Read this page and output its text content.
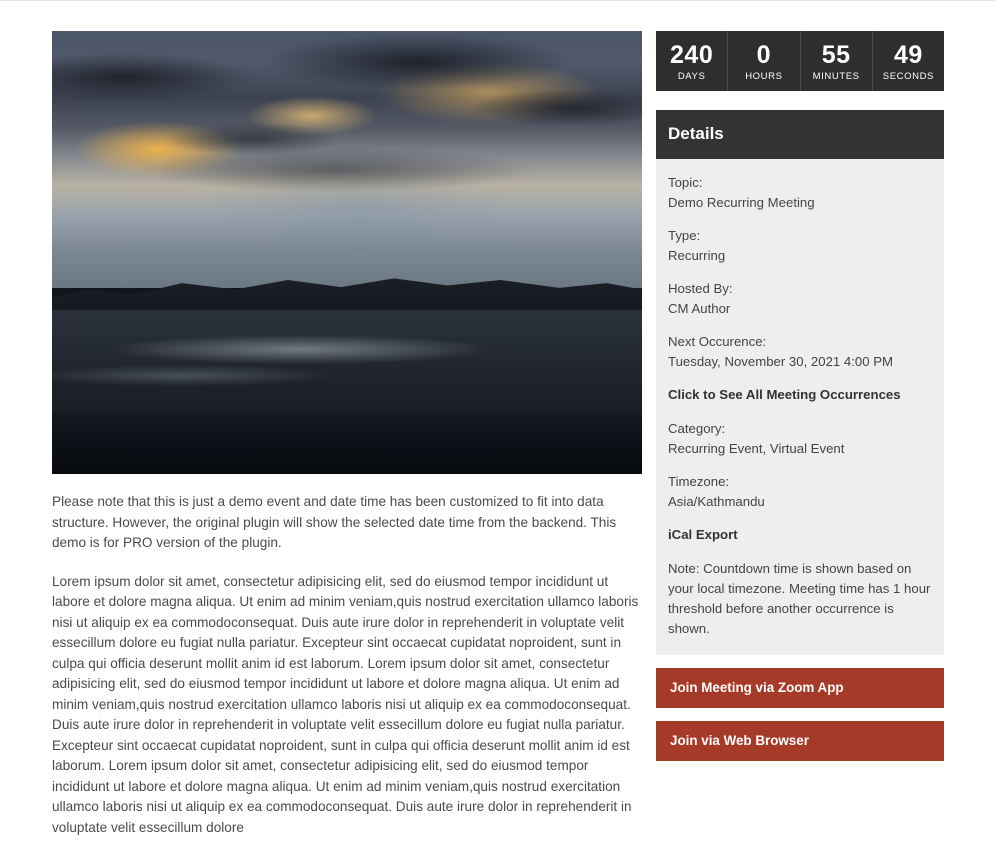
Please note that this is just a demo event and date time has been customized to fit into data structure. However, the original plugin will show the selected date time from the backend. This demo is for PRO version of the plugin.

Lorem ipsum dolor sit amet, consectetur adipisicing elit, sed do eiusmod tempor incididunt ut labore et dolore magna aliqua. Ut enim ad minim veniam,quis nostrud exercitation ullamco laboris nisi ut aliquip ex ea commodoconsequat. Duis aute irure dolor in reprehenderit in voluptate velit essecillum dolore eu fugiat nulla pariatur. Excepteur sint occaecat cupidatat noproident, sunt in culpa qui officia deserunt mollit anim id est laborum. Lorem ipsum dolor sit amet, consectetur adipisicing elit, sed do eiusmod tempor incididunt ut labore et dolore magna aliqua. Ut enim ad minim veniam,quis nostrud exercitation ullamco laboris nisi ut aliquip ex ea commodoconsequat. Duis aute irure dolor in reprehenderit in voluptate velit essecillum dolore eu fugiat nulla pariatur. Excepteur sint occaecat cupidatat noproident, sunt in culpa qui officia deserunt mollit anim id est laborum. Lorem ipsum dolor sit amet, consectetur adipisicing elit, sed do eiusmod tempor incididunt ut labore et dolore magna aliqua. Ut enim ad minim veniam,quis nostrud exercitation ullamco laboris nisi ut aliquip ex ea commodoconsequat. Duis aute irure dolor in reprehenderit in voluptate velit essecillum dolore

240
DAYS
0
HOURS
55
MINUTES
49
SECONDS
Details
Topic:
Demo Recurring Meeting
Type:
Recurring
Hosted By:
CM Author
Next Occurence:
Tuesday, November 30, 2021 4:00 PM
Click to See All Meeting Occurrences
Category:
Recurring Event, Virtual Event
Timezone:
Asia/Kathmandu
iCal Export
Note: Countdown time is shown based on your local timezone. Meeting time has 1 hour threshold before another occurrence is shown.
Join Meeting via Zoom App
Join via Web Browser
